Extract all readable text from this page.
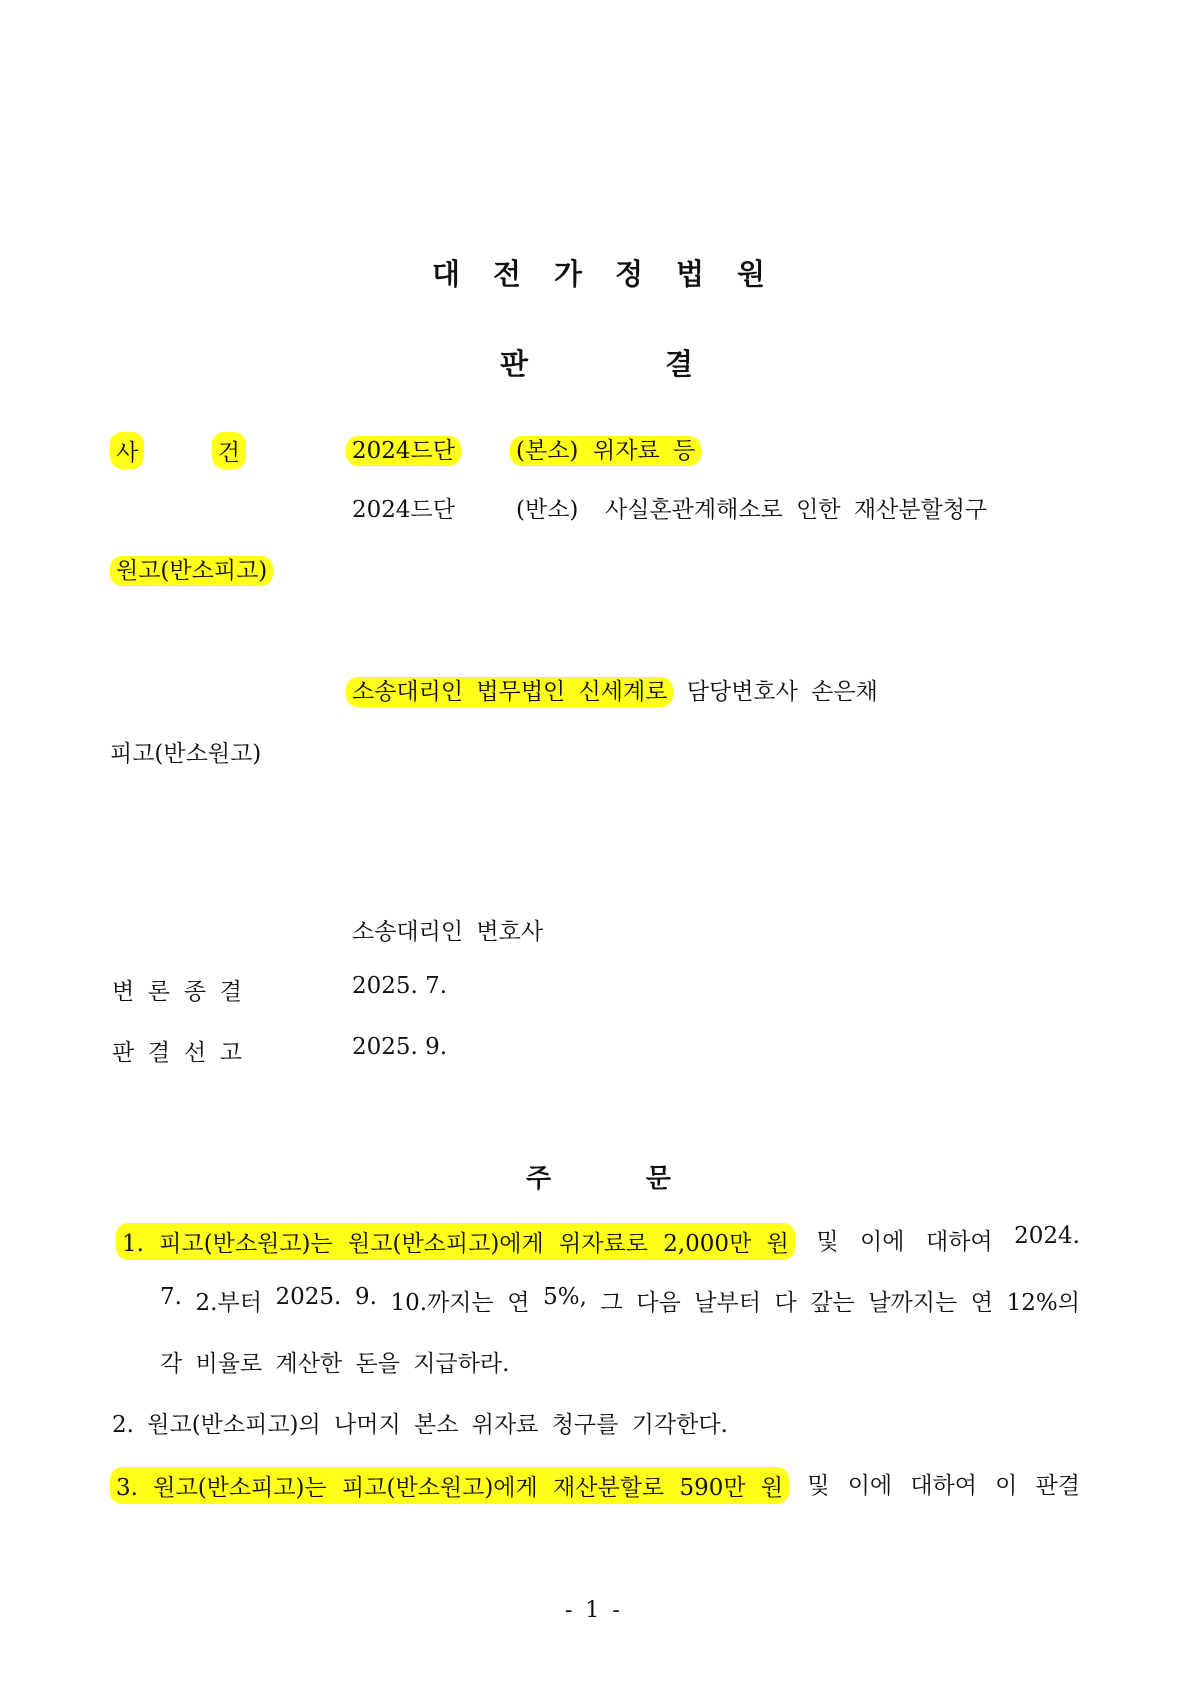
대 전 가 정 법 원
판	결
사	건	2024드단	(본소) 위자료 등
2024드단	(반소) 사실혼관계해소로 인한 재산분할청구
원고(반소피고)
소송대리인 법무법인 신세계로 담당변호사 손은채
피고(반소원고)
소송대리인 변호사
변 론 종 결	2025. 7.
판 결 선 고	2025. 9.
주	문
1. 피고(반소원고)는 원고(반소피고)에게 위자료로 2,000만 원 및 이에 대하여 2024.
7. 2.부터 2025. 9. 10.까지는 연 5%, 그 다음 날부터 다 갚는 날까지는 연 12%의
각 비율로 계산한 돈을 지급하라.
2. 원고(반소피고)의 나머지 본소 위자료 청구를 기각한다.
3. 원고(반소피고)는 피고(반소원고)에게 재산분할로 590만 원 및 이에 대하여 이 판결
- 1 -
